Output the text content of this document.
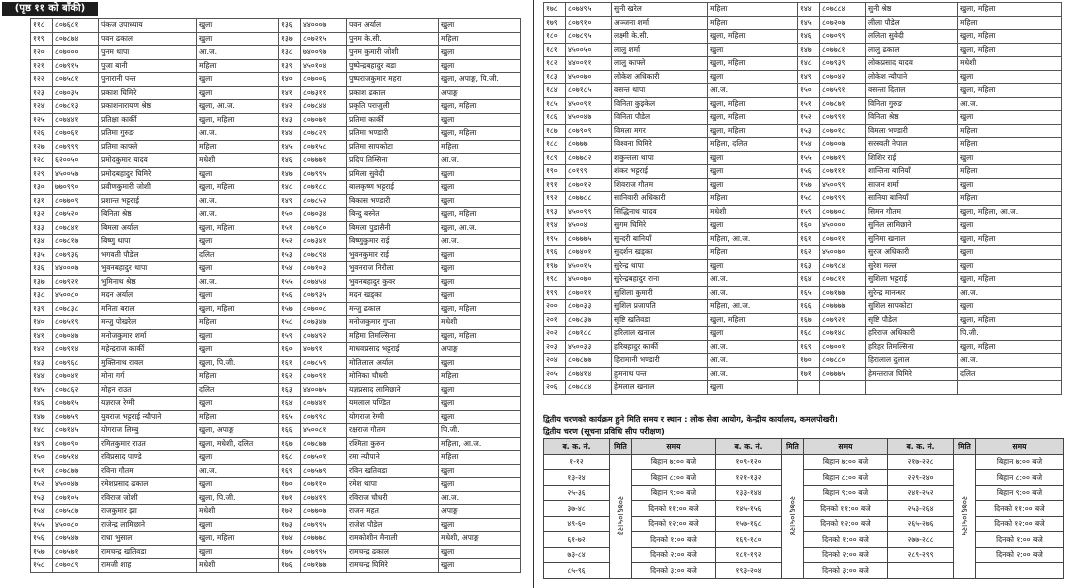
(पृष्ठ ११ को बाँकी)
११८	८०७६८१	पंकज उपाध्याय	खुला	१३६	४४०००७	पवन अर्याल	खुला
११९	८०७८७४	पवन ढकाल	खुला	१३७	८०७२१५	पुनम के.सी.	महिला
१२०	८०७०००	पुनम थापा	आ.ज.	१३८	७४००९७	पुनम कुमारी जोशी	खुला
१२१	८०७९१५	पुजा बानी	महिला	१३९	४५०१०४	पुष्पेन्द्रबहादुर बडा	खुला
१२२	८०७५८१	पुनारानी पन्त	खुला	१४०	८०७००६	पुष्पराजकुमार महरा	खुला, अपाङ्ग, पि.जी.
१२३	८०७०३५	प्रकाश घिमिरे	खुला	१४१	८०७३११	प्रकाश ढकाल	अपाङ्ग
१२४	८०७८१३	प्रकाशनारायण श्रेष्ठ	खुला, आ.ज.	१४२	८०७८४४	प्रकृति पराजुली	खुला, महिला
१२५	८०७४४१	प्रतिक्षा कार्की	खुला, महिला	१४३	८०७०७१	प्रतिमा कार्की	खुला
१२६	८०७०६१	प्रतिमा गुरुङ	आ.ज.	१४४	८०७८२९	प्रतिमा भण्डारी	खुला, महिला
१२७	८०७९९९	प्रतिमा काफ्ले	महिला	१४५	८०७१५८	प्रतिमा सापकोटा	महिला
१२८	६२००५०	प्रमोदकुमार यादव	मधेशी	१४६	८०७७७१	प्रदिप तिम्सिना	आ.ज.
१२९	४५००५७	प्रमोदबहादुर घिमिरे	खुला	१४७	८०७९९५	प्रमिला सुवेदी	खुला
१३०	७७०९९०	प्रवीणकुमारी जोशी	खुला, महिला	१४८	८०७१८८	बालकृष्ण भट्टराई	खुला
१३१	८०७७०९	प्रशान्त भट्टराई	आ.ज.	१४९	८०७८५२	बिकास भण्डारी	खुला
१३२	८०७५२०	बिनिता श्रेष्ठ	आ.ज.	१५०	८०७०३४	बिन्दु बस्नेत	खुला, महिला
१३३	८०७८४१	बिमला अर्याल	खुला, महिला	१५१	८०७९८०	बिमला पुडासैनी	खुला, आ.ज.
१३४	८०७८१७	बिष्णु थापा	खुला	१५२	८०७३४१	बिष्णुकुमार राई	आ.ज.
१३५	८०७९३६	भगवती पौडेल	दलित	१५३	८०७८९४	भुवनकुमार राई	खुला
१३६	४४०००७	भुवनबहादुर थापा	खुला	१५४	८०७१०३	भुवनराज निरौला	खुला
१३७	८०७९२१	भुमिनाथ श्रेष्ठ	आ.ज.	१५५	८०७४५४	भुवनबहादुर कुवर	खुला
१३८	४५००८०	मदन अर्याल	खुला	१५६	८०७९३५	मदन खड्का	खुला
१३९	८०७८३८	मनिता बराल	खुला, महिला	१५७	८०७००८	मन्जु ढकाल	खुला, महिला
१४०	८०७५१९	मन्जु पोखरेल	महिला	१५८	८०७३४७	मनोजकुमार गुप्ता	मधेशी
१४१	८०७०४७	मनोजकुमार शर्मा	खुला	१५९	८०७४९२	महिमा तिमल्सिना	खुला, महिला
१४२	८०७९१४	महेन्द्रराज कार्की	खुला	१६०	४०७९१	माधवप्रसाद भट्टराई	अपाङ्ग
१४३	८०७९६८	मुक्तिनाथ रावल	खुला, पि.जी.	१६१	८०७८५९	मोतिलाल अर्याल	खुला
१४४	८०७०४१	मोना गर्ग	महिला	१६२	८०७०९१	मोनिका चौधरी	महिला
१४५	८०७८६२	मोहन राउत	दलित	१६३	४४००७५	यज्ञप्रसाद लामिछाने	खुला
१४६	८०७७१५	यज्ञराज रेग्मी	खुला	१६४	८०७४४१	यमलाल पण्डित	खुला
१४७	८०७७५९	युवराज भट्टराई न्यौपाने	महिला	१६५	८०७९९८	योगराज रेग्मी	खुला
१४८	८०७१४५	योगराज लिम्बु	खुला, अपाङ्ग	१६६	४५००८१	रक्षराज गौतम	पि.जी.
१४९	८०७०९०	रमितकुमार राउत	खुला, मधेशी, दलित	१६७	८०७८७७	रश्मिता कुरुन	महिला, आ.ज.
१५०	८०७५१४	रविप्रसाद पाण्डे	खुला	१६८	८०७५०१	रमा न्यौपाने	महिला
१५१	८०७८७७	रविना गौतम	आ.ज.	१६९	८०७५७९	रविन खतिवडा	खुला
१५२	४५००४७	रमेशप्रसाद ढकाल	खुला	१७०	८०७११०	रमेश थापा	खुला
१५३	८०७१०५	रविराज जोशी	खुला, पि.जी.	१७१	८०७४१९	रविराज चौधरी	आ.ज.
१५४	८०७५८७	राजकुमार झा	मधेशी	१७२	८०७७०७	राजन महत	अपाङ्ग
१५५	४५००८०	राजेन्द्र लामिछाने	खुला	१७३	८०७९९५	राजेश पौडेल	खुला
१५६	८०७५४७	राधा भुसाल	खुला, महिला	१७४	८०७७७८	रामकोशीन मैनाली	मधेशी, अपाङ्ग
१५७	८०७५७१	रामचन्द्र खतिवडा	खुला	१७५	८०७९९५	रामचन्द्र ढकाल	खुला
१५८	८०७०८९	रामजी शाह	मधेशी	१७६	८०७१७७	रामचन्द्र घिमिरे	खुला
१७८	८०७४९५	सुनी खरेल	महिला	१४४	८०७८८४	सुनी श्रेष्ठ	खुला, महिला
१७९	८०७९१०	अञ्जना शर्मा	महिला	१४५	८०७२०७	लीला पौडेल	महिला
१८०	८०७८९५	लक्ष्मी के.सी.	खुला, महिला	१४६	८०७०९९	ललिता सुवेदी	खुला, महिला
१८१	४५००५०	लालु शर्मा	खुला	१४७	८०७७८१	लालु ढकाल	खुला, महिला
१८२	४४००११	लालु काफ्ले	खुला, महिला	१४८	८०७९३९	लोकप्रसाद यादव	मधेशी
१८३	४५००७०	लोकेश अधिकारी	खुला	१४९	८०७०४२	लोकेश न्यौपाने	खुला
१८४	८०७१८५	वसन्त थापा	आ.ज.	१५०	८०७५९१	वसन्ता दिताल	खुला, महिला
१८५	४५००९१	विनिता कुइकेल	खुला, महिला	१५१	८०७८७१	विनिता गुरुङ	आ.ज.
१८६	४५००४७	विनिता पौडेल	खुला, महिला	१५२	८०७९९१	विनिता श्रेष्ठ	खुला
१८७	८०७९०९	विमला मगर	खुला, महिला	१५३	८०७०१८	विमला भण्डारी	महिला
१८८	८०७७७	विश्वना घिमिरे	महिला, दलित	१५४	८०७००७	सरस्वती नेपाल	महिला
१८९	८०७७८२	शकुन्तला थापा	खुला	१५५	८०७७१९	शिशिर राई	खुला
१९०	८०१९९	शंकर भट्टराई	खुला	१५६	८०७१११	शान्तिना बानियाँ	महिला
१९१	८०७०१२	शिवराज गौतम	खुला	१५७	४५००९९	साजन शर्मा	खुला
१९२	८०७७८८	सानिवारी अधिकारी	महिला	१५८	८०७९९९	सानिया बानियाँ	महिला
१९३	४५००९९	सिद्धिनाथ यादव	मधेशी	१५९	८०७७०८	सिमन गौतम	खुला, महिला, आ.ज.
१९४	४५००४	सुगम घिमिरे	खुला	१६०	४५००००	सुनिल लामिछाने	खुला
१९५	८०७७७५	सुन्दरी बानियाँ	महिला, आ.ज.	१६१	८०७०११	सुनिमा खनाल	खुला, महिला
१९६	८०७४०१	सुदर्शन खड्का	महिला	१६२	४५००७०	सुरज अधिकारी	खुला
१९७	४५००१५	सुरेन्द्र थापा	खुला	१६३	८०७९८४	सुरेश मल्ल	खुला
१९८	४५००७०	सुरेन्द्रबहादुर राना	आ.ज.	१६४	८०७८११	सुशिला भट्टराई	खुला, महिला
१९९	८०७०११	सुशिला कुमारी	आ.ज.	१६५	८०७१७७	सुरेन्द्र मानन्धर	आ.ज.
२००	८०७०३३	सुशिल प्रजापति	महिला, आ.ज.	१६६	८०७७७७	सुशिल सापकोटा	खुला
२०१	८०७८३७	सृष्टि खतिवडा	खुला, महिला	१६७	८०७९२१	सृष्टि पौडेल	खुला, महिला
२०२	८०७१८८	हरिलाल खनाल	खुला	१६८	८०७१४८	हरिराज अधिकारी	पि.जी.
२०३	४५००३३	हरिबहादुर कार्की	आ.ज.	१६९	८०७००१	हरिहर तिमल्सिना	खुला, महिला
२०४	८०७८७७	हिरामानी भण्डारी	आ.ज.	१७०	८०७८८०	हिरालाल दुलाल	आ.ज.
२०५	८०७४१४	हुमनाथ पन्त	आ.ज.	१७१	८०७७७५	हेमन्तराज घिमिरे	दलित
२०६	८०७८८४	हेमलाल खनाल	खुला				
द्वितीय चरणको कार्यक्रम हुने मिति समय र स्थान : लोक सेवा आयोग, केन्द्रीय कार्यालय, कमलपोखरी।
द्वितीय चरण (सूचना प्रविधि सीप परीक्षण)
ब. क. नं.	मिति	समय	ब. क. नं.	मिति	समय	ब. क. नं.	मिति	समय
१-१२	२०७६।०५।२३	बिहान ७:०० बजे	१०९-१२०	२०७६।०५।२४	बिहान ७:०० बजे	२१७-२२८	२०७६।०५।२५	बिहान ७:०० बजे
१३-२४		बिहान ८:०० बजे	१२१-१३२		बिहान ८:०० बजे	२२९-२४०		बिहान ८:०० बजे
२५-३६		बिहान ९:०० बजे	१३३-१४४		बिहान ९:०० बजे	२४१-२५२		बिहान ९:०० बजे
३७-४८		दिनको ११:०० बजे	१४५-१५६		दिनको ११:०० बजे	२५३-२६४		दिनको ११:०० बजे
४९-६०		दिनको १२:०० बजे	१५७-१६८		दिनको १२:०० बजे	२६५-२७६		दिनको १२:०० बजे
६१-७२		दिनको १:०० बजे	१६९-१८०		दिनको १:०० बजे	२७७-२८८		दिनको १:०० बजे
७३-८४		दिनको २:०० बजे	१८१-१९२		दिनको २:०० बजे	२८९-२९९		दिनको २:०० बजे
८५-९६		दिनको ३:०० बजे	१९३-२०४		दिनको ३:०० बजे			
